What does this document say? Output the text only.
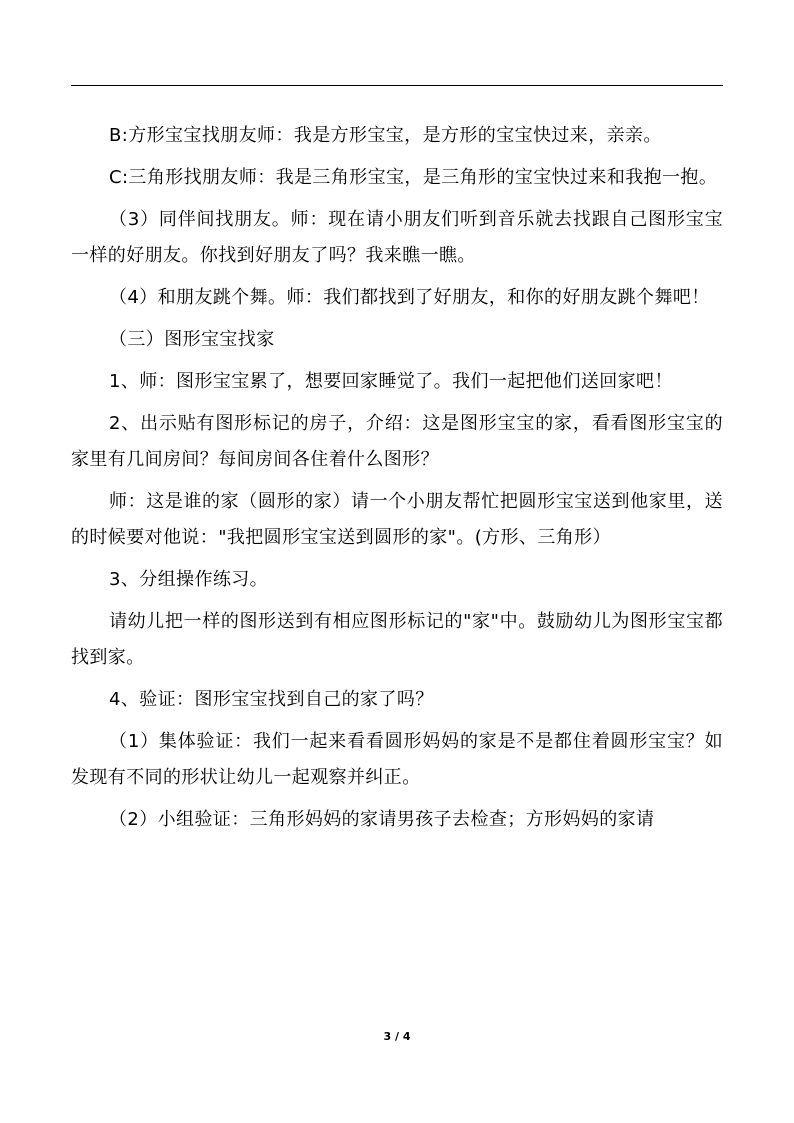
B:方形宝宝找朋友师：我是方形宝宝，是方形的宝宝快过来，亲亲。

C:三角形找朋友师：我是三角形宝宝，是三角形的宝宝快过来和我抱一抱。

（3）同伴间找朋友。师：现在请小朋友们听到音乐就去找跟自己图形宝宝一样的好朋友。你找到好朋友了吗？我来瞧一瞧。

（4）和朋友跳个舞。师：我们都找到了好朋友，和你的好朋友跳个舞吧！

（三）图形宝宝找家

1、师：图形宝宝累了，想要回家睡觉了。我们一起把他们送回家吧！

2、出示贴有图形标记的房子，介绍：这是图形宝宝的家，看看图形宝宝的家里有几间房间？每间房间各住着什么图形？

师：这是谁的家（圆形的家）请一个小朋友帮忙把圆形宝宝送到他家里，送的时候要对他说："我把圆形宝宝送到圆形的家"。(方形、三角形）

3、分组操作练习。

请幼儿把一样的图形送到有相应图形标记的"家"中。鼓励幼儿为图形宝宝都找到家。

4、验证：图形宝宝找到自己的家了吗？

（1）集体验证：我们一起来看看圆形妈妈的家是不是都住着圆形宝宝？如发现有不同的形状让幼儿一起观察并纠正。

（2）小组验证：三角形妈妈的家请男孩子去检查；方形妈妈的家请

3 / 4
